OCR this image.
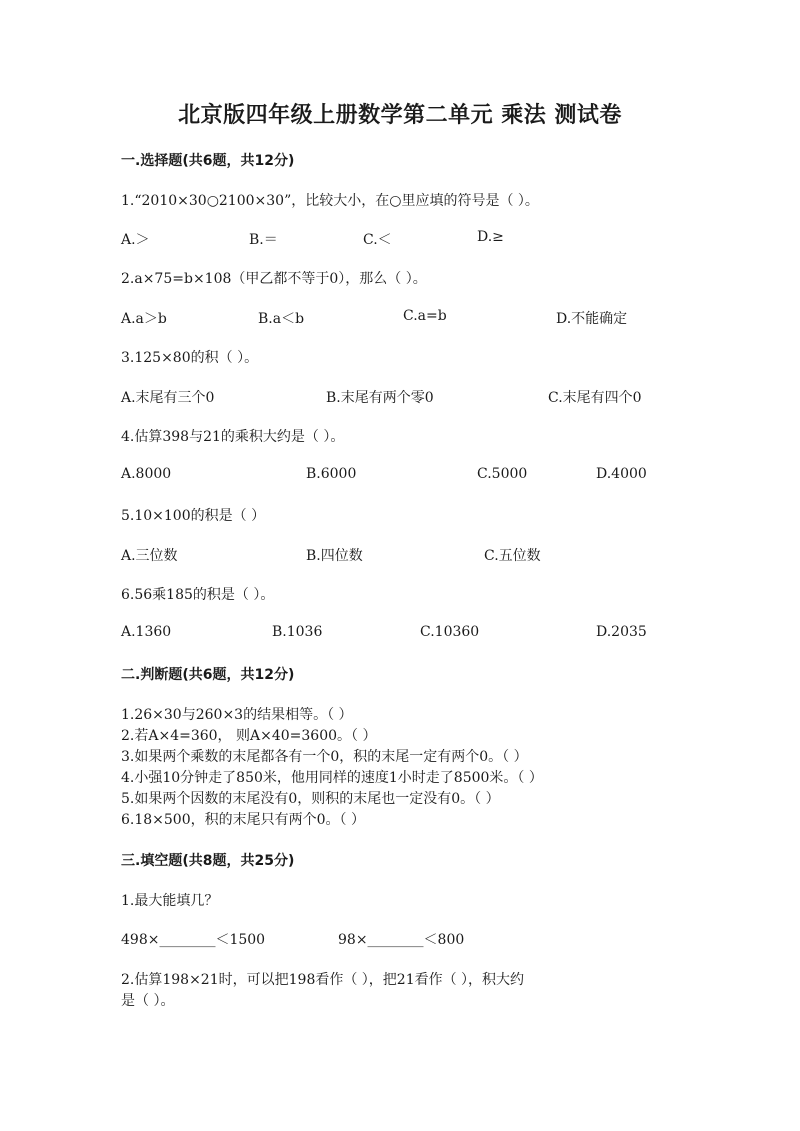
北京版四年级上册数学第二单元 乘法 测试卷
一.选择题(共6题，共12分)
1.“2010×30○2100×30”，比较大小，在○里应填的符号是（ ）。
A.＞	B.＝	C.＜	D.≥
2.a×75=b×108（甲乙都不等于0），那么（ ）。
A.a＞b	B.a＜b	C.a=b	D.不能确定
3.125×80的积（ ）。
A.末尾有三个0	B.末尾有两个零0	C.末尾有四个0
4.估算398与21的乘积大约是（ ）。
A.8000	B.6000	C.5000	D.4000
5.10×100的积是（ ）
A.三位数	B.四位数	C.五位数
6.56乘185的积是（ ）。
A.1360	B.1036	C.10360	D.2035
二.判断题(共6题，共12分)
1.26×30与260×3的结果相等。（ ）
2.若A×4=360， 则A×40=3600。（ ）
3.如果两个乘数的末尾都各有一个0，积的末尾一定有两个0。（ ）
4.小强10分钟走了850米，他用同样的速度1小时走了8500米。（ ）
5.如果两个因数的末尾没有0，则积的末尾也一定没有0。（ ）
6.18×500，积的末尾只有两个0。（ ）
三.填空题(共8题，共25分)
1.最大能填几？
498×________＜1500	98×________＜800
2.估算198×21时，可以把198看作（ ），把21看作（ ），积大约
是（ ）。
